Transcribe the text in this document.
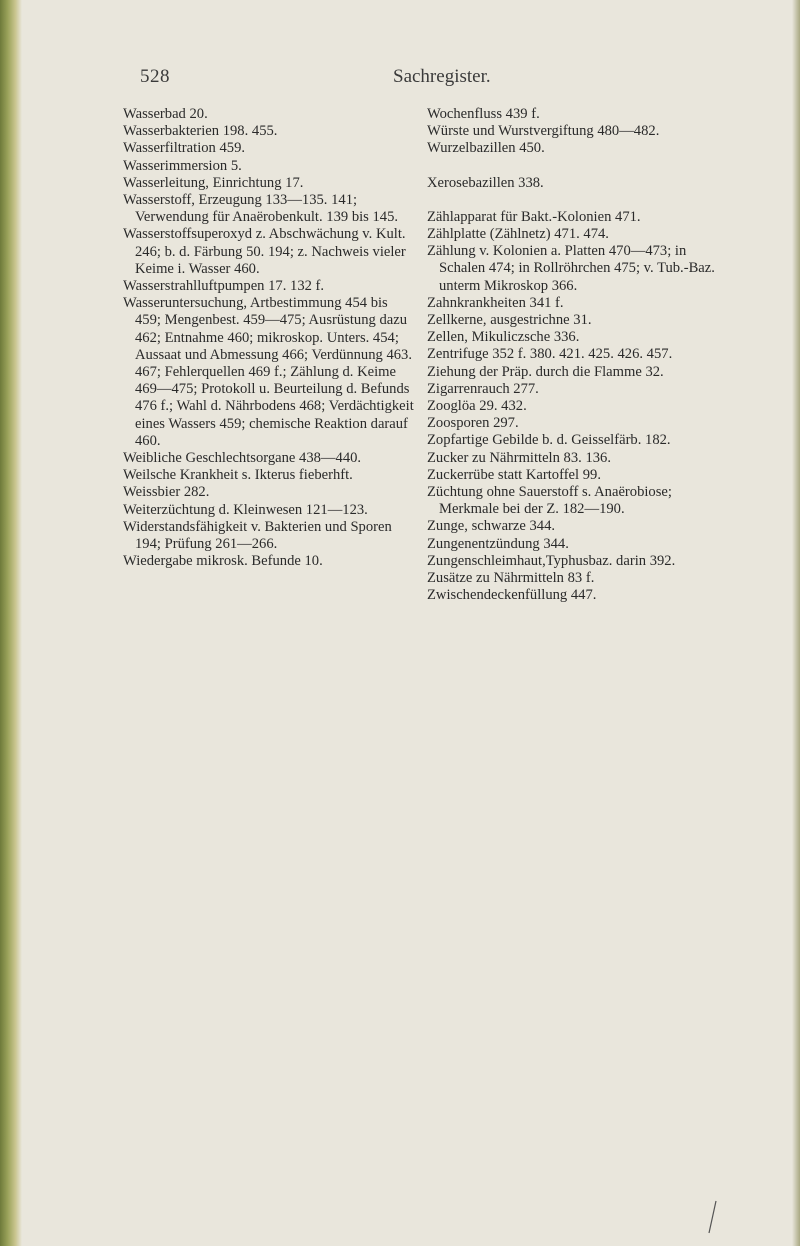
528	Sachregister.

Wasserbad 20.

Wasserbakterien 198. 455.

Wasserfiltration 459.

Wasserimmersion 5.

Wasserleitung, Einrichtung 17.

Wasserstoff, Erzeugung 133—135. 141; Verwendung für Anaërobenkult. 139 bis 145.

Wasserstoffsuperoxyd z. Abschwächung v. Kult. 246; b. d. Färbung 50. 194; z. Nachweis vieler Keime i. Wasser 460.

Wasserstrahlluftpumpen 17. 132 f.

Wasseruntersuchung, Artbestimmung 454 bis 459; Mengenbest. 459—475; Ausrüstung dazu 462; Entnahme 460; mikroskop. Unters. 454; Aussaat und Abmessung 466; Verdünnung 463. 467; Fehlerquellen 469 f.; Zählung d. Keime 469—475; Protokoll u. Beurteilung d. Befunds 476 f.; Wahl d. Nährbodens 468; Verdächtigkeit eines Wassers 459; chemische Reaktion darauf 460.

Weibliche Geschlechtsorgane 438—440.

Weilsche Krankheit s. Ikterus fieberhft.

Weissbier 282.

Weiterzüchtung d. Kleinwesen 121—123.

Widerstandsfähigkeit v. Bakterien und Sporen 194; Prüfung 261—266.

Wiedergabe mikrosk. Befunde 10.

Wochenfluss 439 f.

Würste und Wurstvergiftung 480—482.

Wurzelbazillen 450.

Xerosebazillen 338.

Zählapparat für Bakt.-Kolonien 471.

Zählplatte (Zählnetz) 471. 474.

Zählung v. Kolonien a. Platten 470—473; in Schalen 474; in Rollröhrchen 475; v. Tub.-Baz. unterm Mikroskop 366.

Zahnkrankheiten 341 f.

Zellkerne, ausgestrichne 31.

Zellen, Mikuliczsche 336.

Zentrifuge 352 f. 380. 421. 425. 426. 457.

Ziehung der Präp. durch die Flamme 32.

Zigarrenrauch 277.

Zooglöa 29. 432.

Zoosporen 297.

Zopfartige Gebilde b. d. Geisselfärb. 182.

Zucker zu Nährmitteln 83. 136.

Zuckerrübe statt Kartoffel 99.

Züchtung ohne Sauerstoff s. Anaërobiose; Merkmale bei der Z. 182—190.

Zunge, schwarze 344.

Zungenentzündung 344.

Zungenschleimhaut,Typhusbaz. darin 392.

Zusätze zu Nährmitteln 83 f.

Zwischendeckenfüllung 447.
